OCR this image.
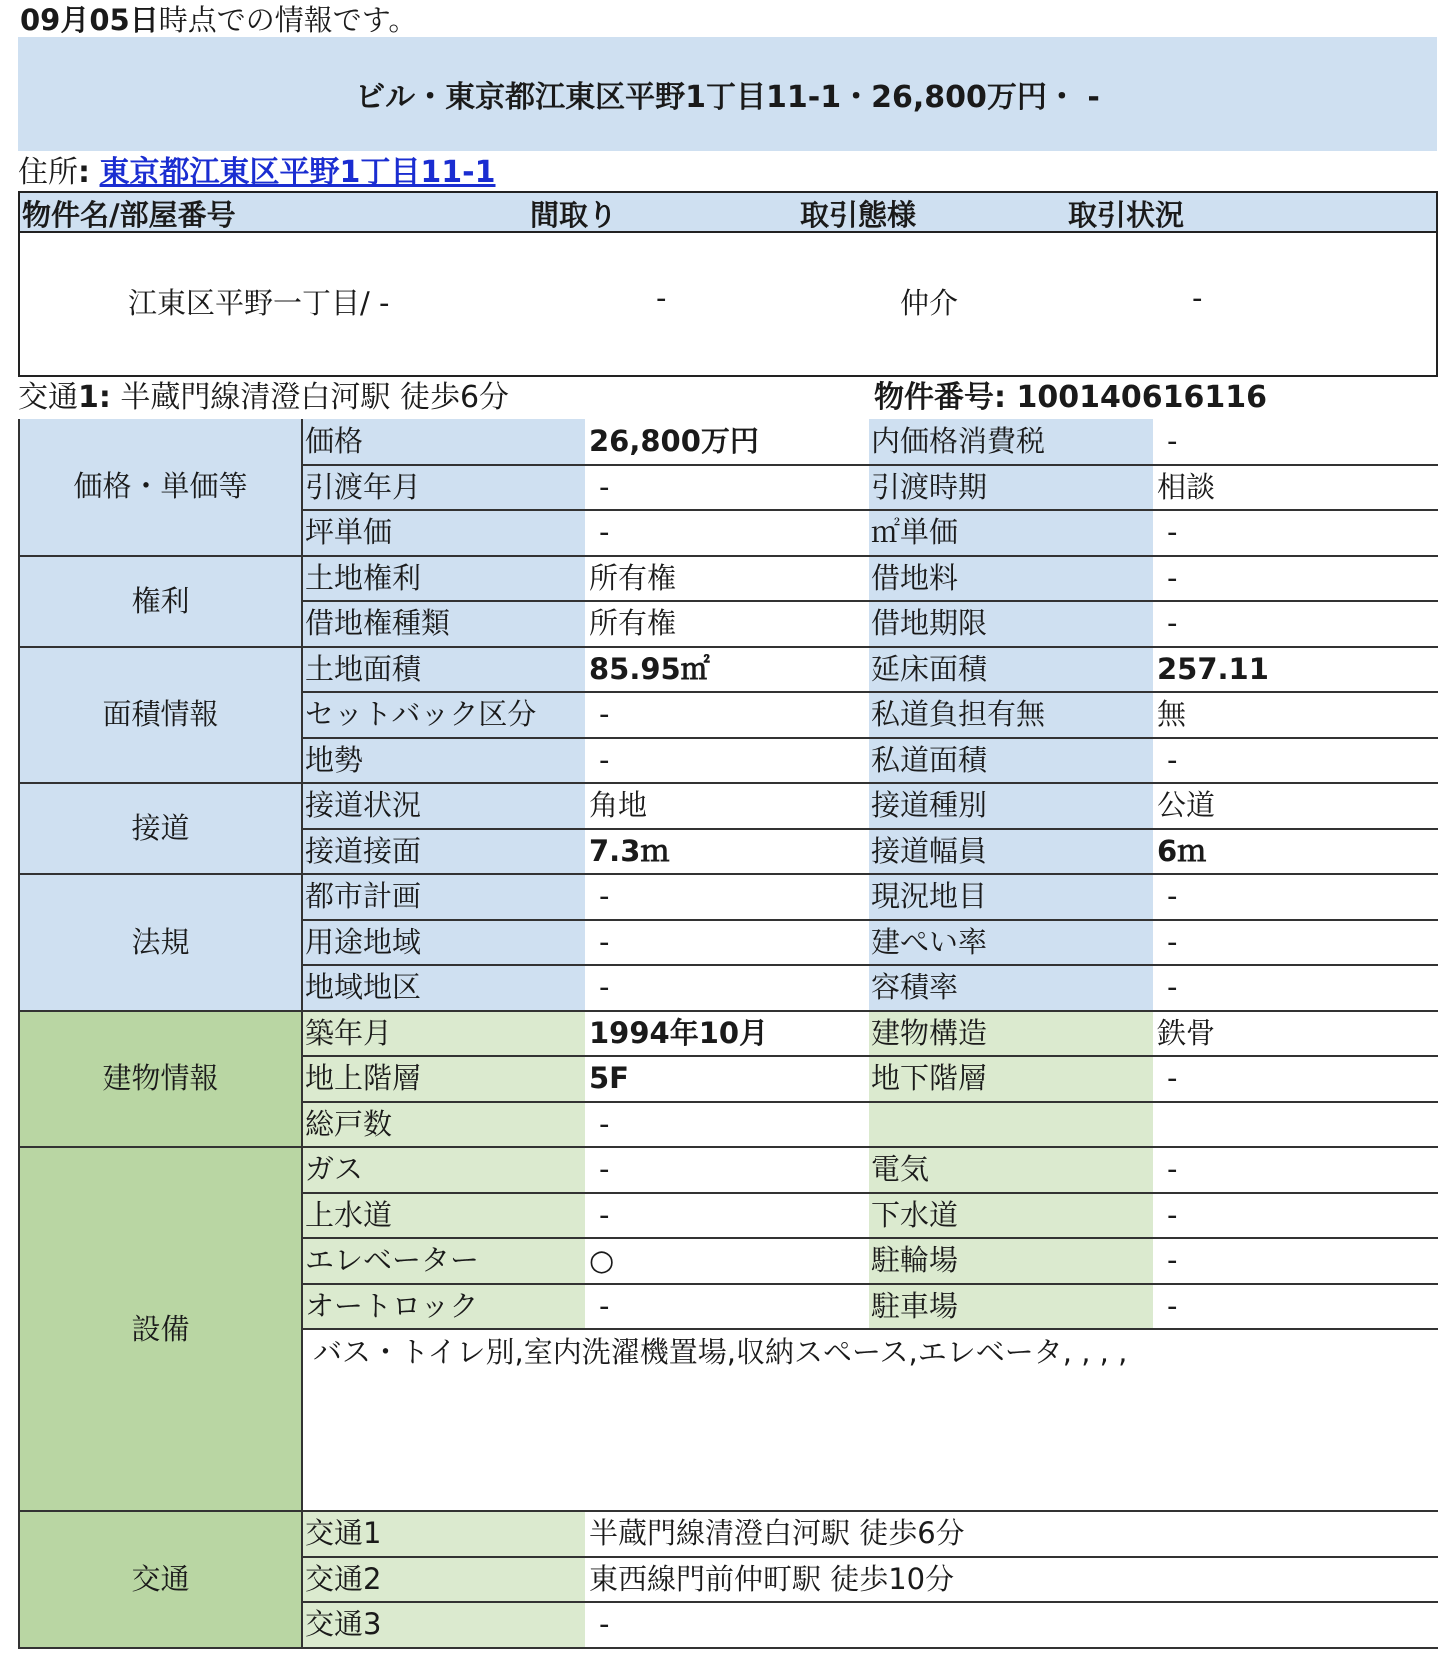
09月05日時点での情報です。
ビル・東京都江東区平野1丁目11-1・26,800万円・ -
住所: 東京都江東区平野1丁目11-1
物件名/部屋番号	間取り	取引態様	取引状況
江東区平野一丁目/ -	-	仲介	-
交通1: 半蔵門線清澄白河駅 徒歩6分	物件番号: 100140616116
価格・単価等	価格	26,800万円	内価格消費税	-
	引渡年月	-	引渡時期	相談
	坪単価	-	㎡単価	-
権利	土地権利	所有権	借地料	-
	借地権種類	所有権	借地期限	-
面積情報	土地面積	85.95㎡	延床面積	257.11
	セットバック区分	-	私道負担有無	無
	地勢	-	私道面積	-
接道	接道状況	角地	接道種別	公道
	接道接面	7.3ｍ	接道幅員	6ｍ
法規	都市計画	-	現況地目	-
	用途地域	-	建ぺい率	-
	地域地区	-	容積率	-
建物情報	築年月	1994年10月	建物構造	鉄骨
	地上階層	5F	地下階層	-
	総戸数	-		
設備	ガス	-	電気	-
	上水道	-	下水道	-
	エレベーター	○	駐輪場	-
	オートロック	-	駐車場	-
	バス・トイレ別,室内洗濯機置場,収納スペース,エレベータ, , , ,			
交通	交通1	半蔵門線清澄白河駅 徒歩6分		
	交通2	東西線門前仲町駅 徒歩10分		
	交通3	-		
